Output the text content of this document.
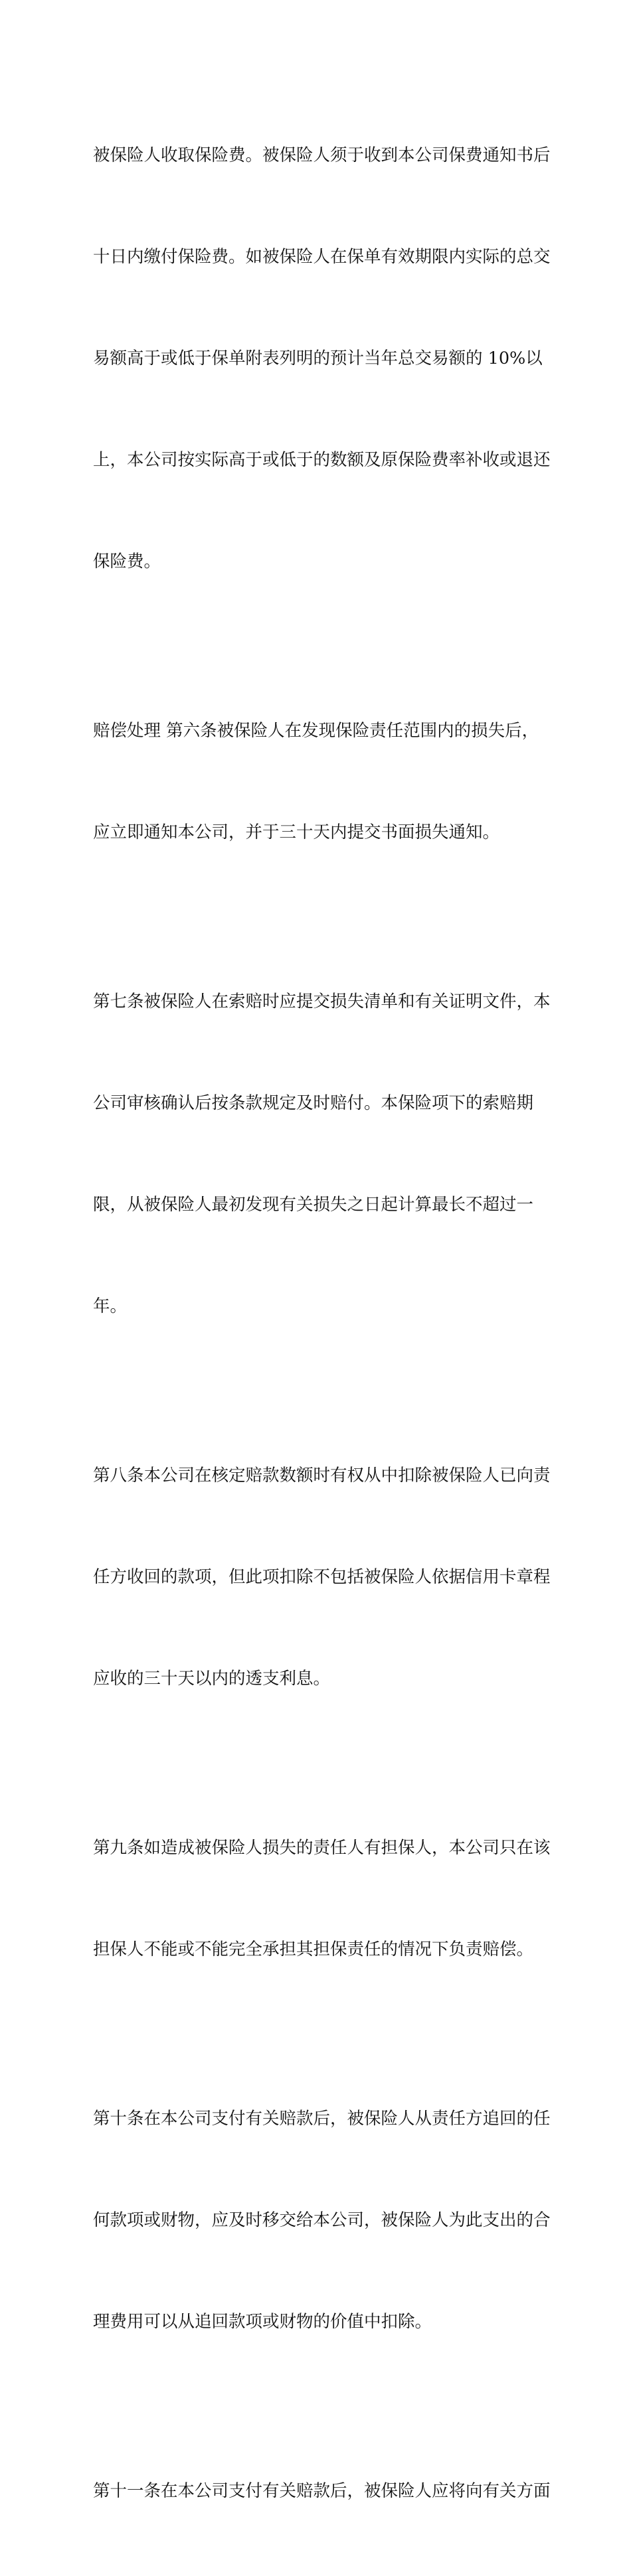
被保险人收取保险费。被保险人须于收到本公司保费通知书后

十日内缴付保险费。如被保险人在保单有效期限内实际的总交

易额高于或低于保单附表列明的预计当年总交易额的 10%以

上，本公司按实际高于或低于的数额及原保险费率补收或退还

保险费。

赔偿处理 第六条被保险人在发现保险责任范围内的损失后，

应立即通知本公司，并于三十天内提交书面损失通知。

第七条被保险人在索赔时应提交损失清单和有关证明文件，本

公司审核确认后按条款规定及时赔付。本保险项下的索赔期

限，从被保险人最初发现有关损失之日起计算最长不超过一

年。

第八条本公司在核定赔款数额时有权从中扣除被保险人已向责

任方收回的款项，但此项扣除不包括被保险人依据信用卡章程

应收的三十天以内的透支利息。

第九条如造成被保险人损失的责任人有担保人，本公司只在该

担保人不能或不能完全承担其担保责任的情况下负责赔偿。

第十条在本公司支付有关赔款后，被保险人从责任方追回的任

何款项或财物，应及时移交给本公司，被保险人为此支出的合

理费用可以从追回款项或财物的价值中扣除。

第十一条在本公司支付有关赔款后，被保险人应将向有关方面
